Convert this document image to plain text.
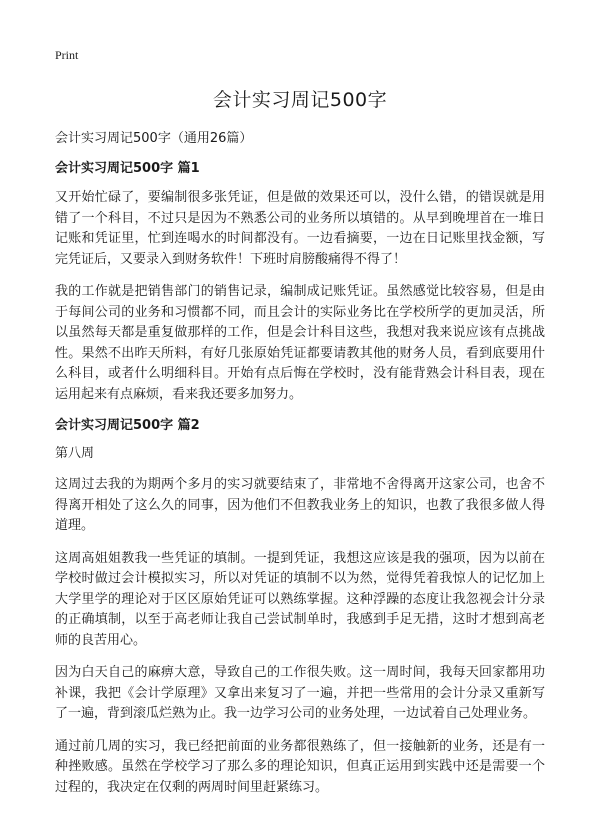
Print
会计实习周记500字
会计实习周记500字（通用26篇）
会计实习周记500字 篇1

又开始忙碌了，要编制很多张凭证，但是做的效果还可以，没什么错，的错误就是用错了一个科目，不过只是因为不熟悉公司的业务所以填错的。从早到晚埋首在一堆日记账和凭证里，忙到连喝水的时间都没有。一边看摘要，一边在日记账里找金额，写完凭证后，又要录入到财务软件！下班时肩膀酸痛得不得了！

我的工作就是把销售部门的销售记录，编制成记账凭证。虽然感觉比较容易，但是由于每间公司的业务和习惯都不同，而且会计的实际业务比在学校所学的更加灵活，所以虽然每天都是重复做那样的工作，但是会计科目这些，我想对我来说应该有点挑战性。果然不出昨天所料，有好几张原始凭证都要请教其他的财务人员，看到底要用什么科目，或者什么明细科目。开始有点后悔在学校时，没有能背熟会计科目表，现在运用起来有点麻烦，看来我还要多加努力。

会计实习周记500字 篇2
第八周

这周过去我的为期两个多月的实习就要结束了，非常地不舍得离开这家公司，也舍不得离开相处了这么久的同事，因为他们不但教我业务上的知识，也教了我很多做人得道理。

这周高姐姐教我一些凭证的填制。一提到凭证，我想这应该是我的强项，因为以前在学校时做过会计模拟实习，所以对凭证的填制不以为然，觉得凭着我惊人的记忆加上大学里学的理论对于区区原始凭证可以熟练掌握。这种浮躁的态度让我忽视会计分录的正确填制，以至于高老师让我自己尝试制单时，我感到手足无措，这时才想到高老师的良苦用心。

因为白天自己的麻痹大意，导致自己的工作很失败。这一周时间，我每天回家都用功补课，我把《会计学原理》又拿出来复习了一遍，并把一些常用的会计分录又重新写了一遍，背到滚瓜烂熟为止。我一边学习公司的业务处理，一边试着自己处理业务。

通过前几周的实习，我已经把前面的业务都很熟练了，但一接触新的业务，还是有一种挫败感。虽然在学校学习了那么多的理论知识，但真正运用到实践中还是需要一个过程的，我决定在仅剩的两周时间里赶紧练习。
